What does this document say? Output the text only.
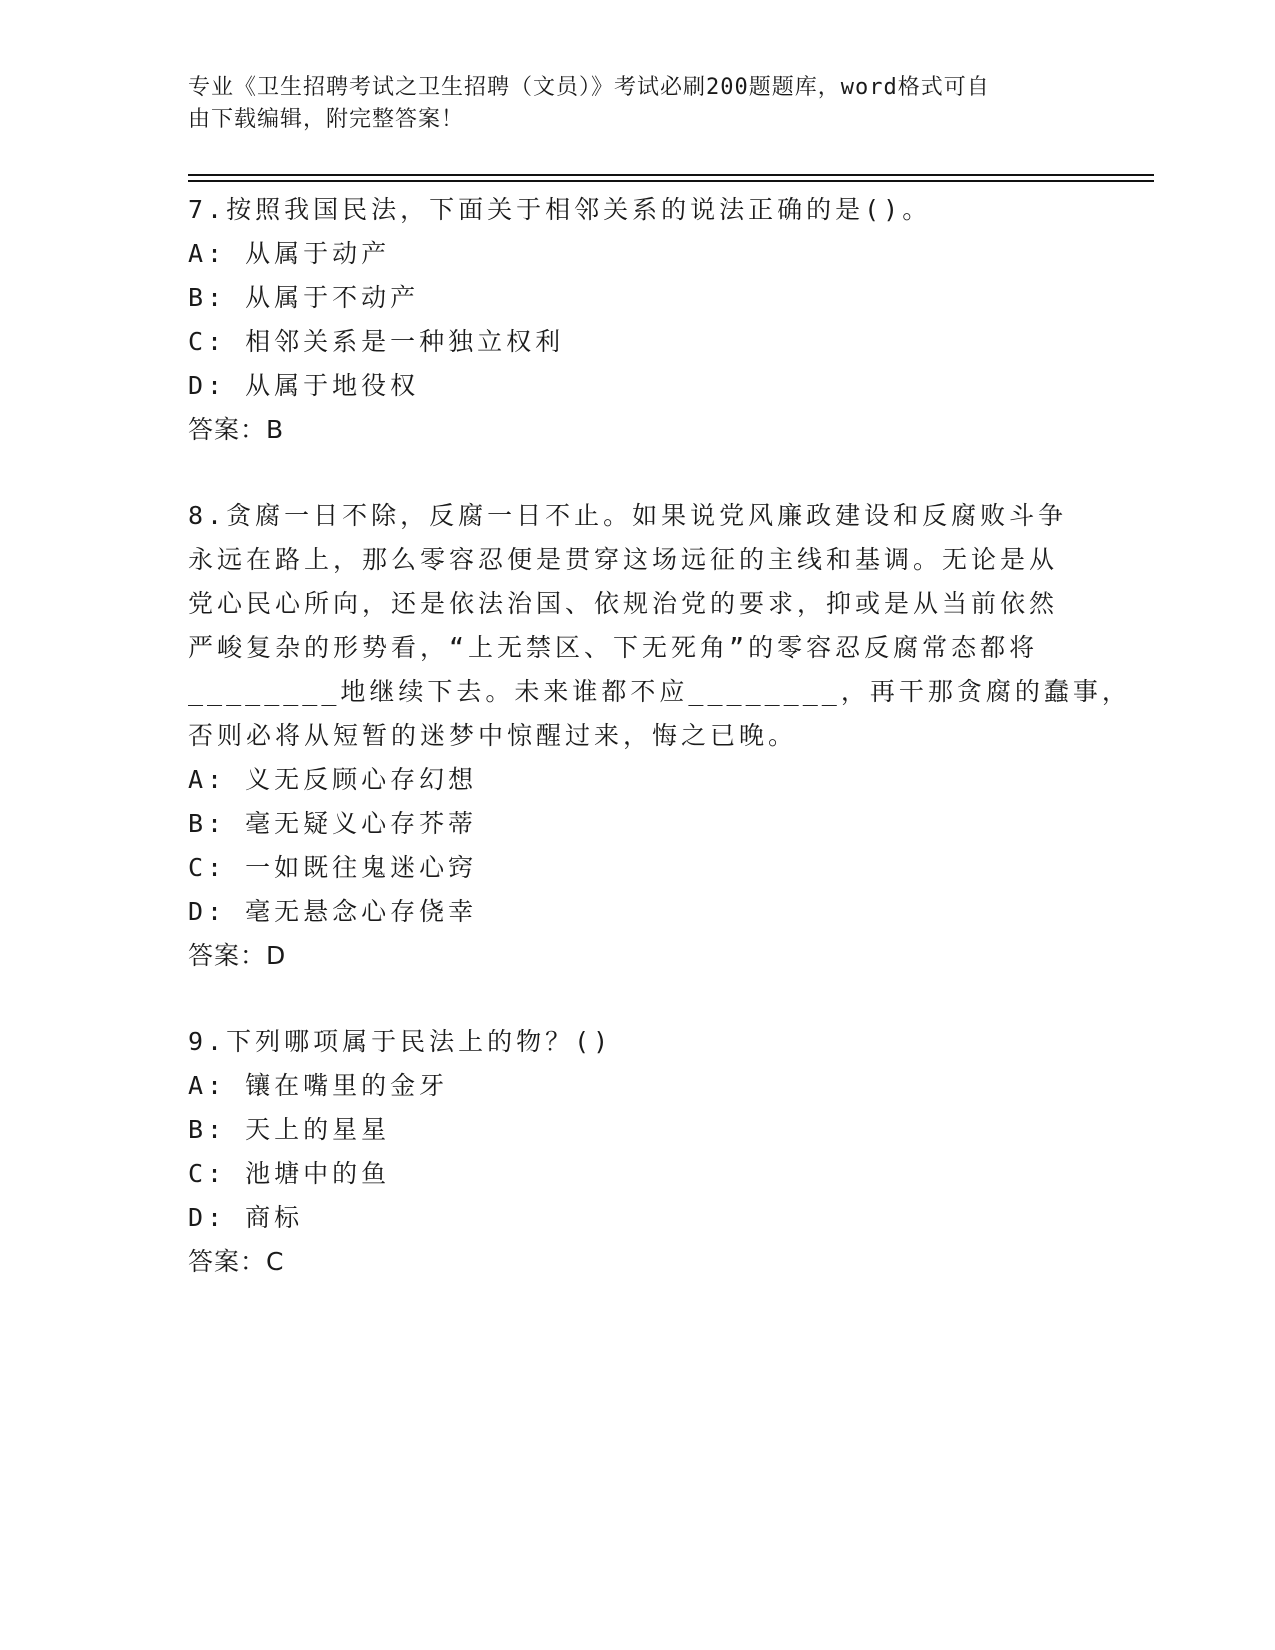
专业《卫生招聘考试之卫生招聘（文员）》考试必刷200题题库，word格式可自
由下载编辑，附完整答案！
7.按照我国民法，下面关于相邻关系的说法正确的是()。
A: 从属于动产
B: 从属于不动产
C: 相邻关系是一种独立权利
D: 从属于地役权
答案：B
8.贪腐一日不除，反腐一日不止。如果说党风廉政建设和反腐败斗争
永远在路上，那么零容忍便是贯穿这场远征的主线和基调。无论是从
党心民心所向，还是依法治国、依规治党的要求，抑或是从当前依然
严峻复杂的形势看，“上无禁区、下无死角”的零容忍反腐常态都将
________地继续下去。未来谁都不应________，再干那贪腐的蠢事，
否则必将从短暂的迷梦中惊醒过来，悔之已晚。
A: 义无反顾心存幻想
B: 毫无疑义心存芥蒂
C: 一如既往鬼迷心窍
D: 毫无悬念心存侥幸
答案：D
9.下列哪项属于民法上的物？()
A: 镶在嘴里的金牙
B: 天上的星星
C: 池塘中的鱼
D: 商标
答案：C
